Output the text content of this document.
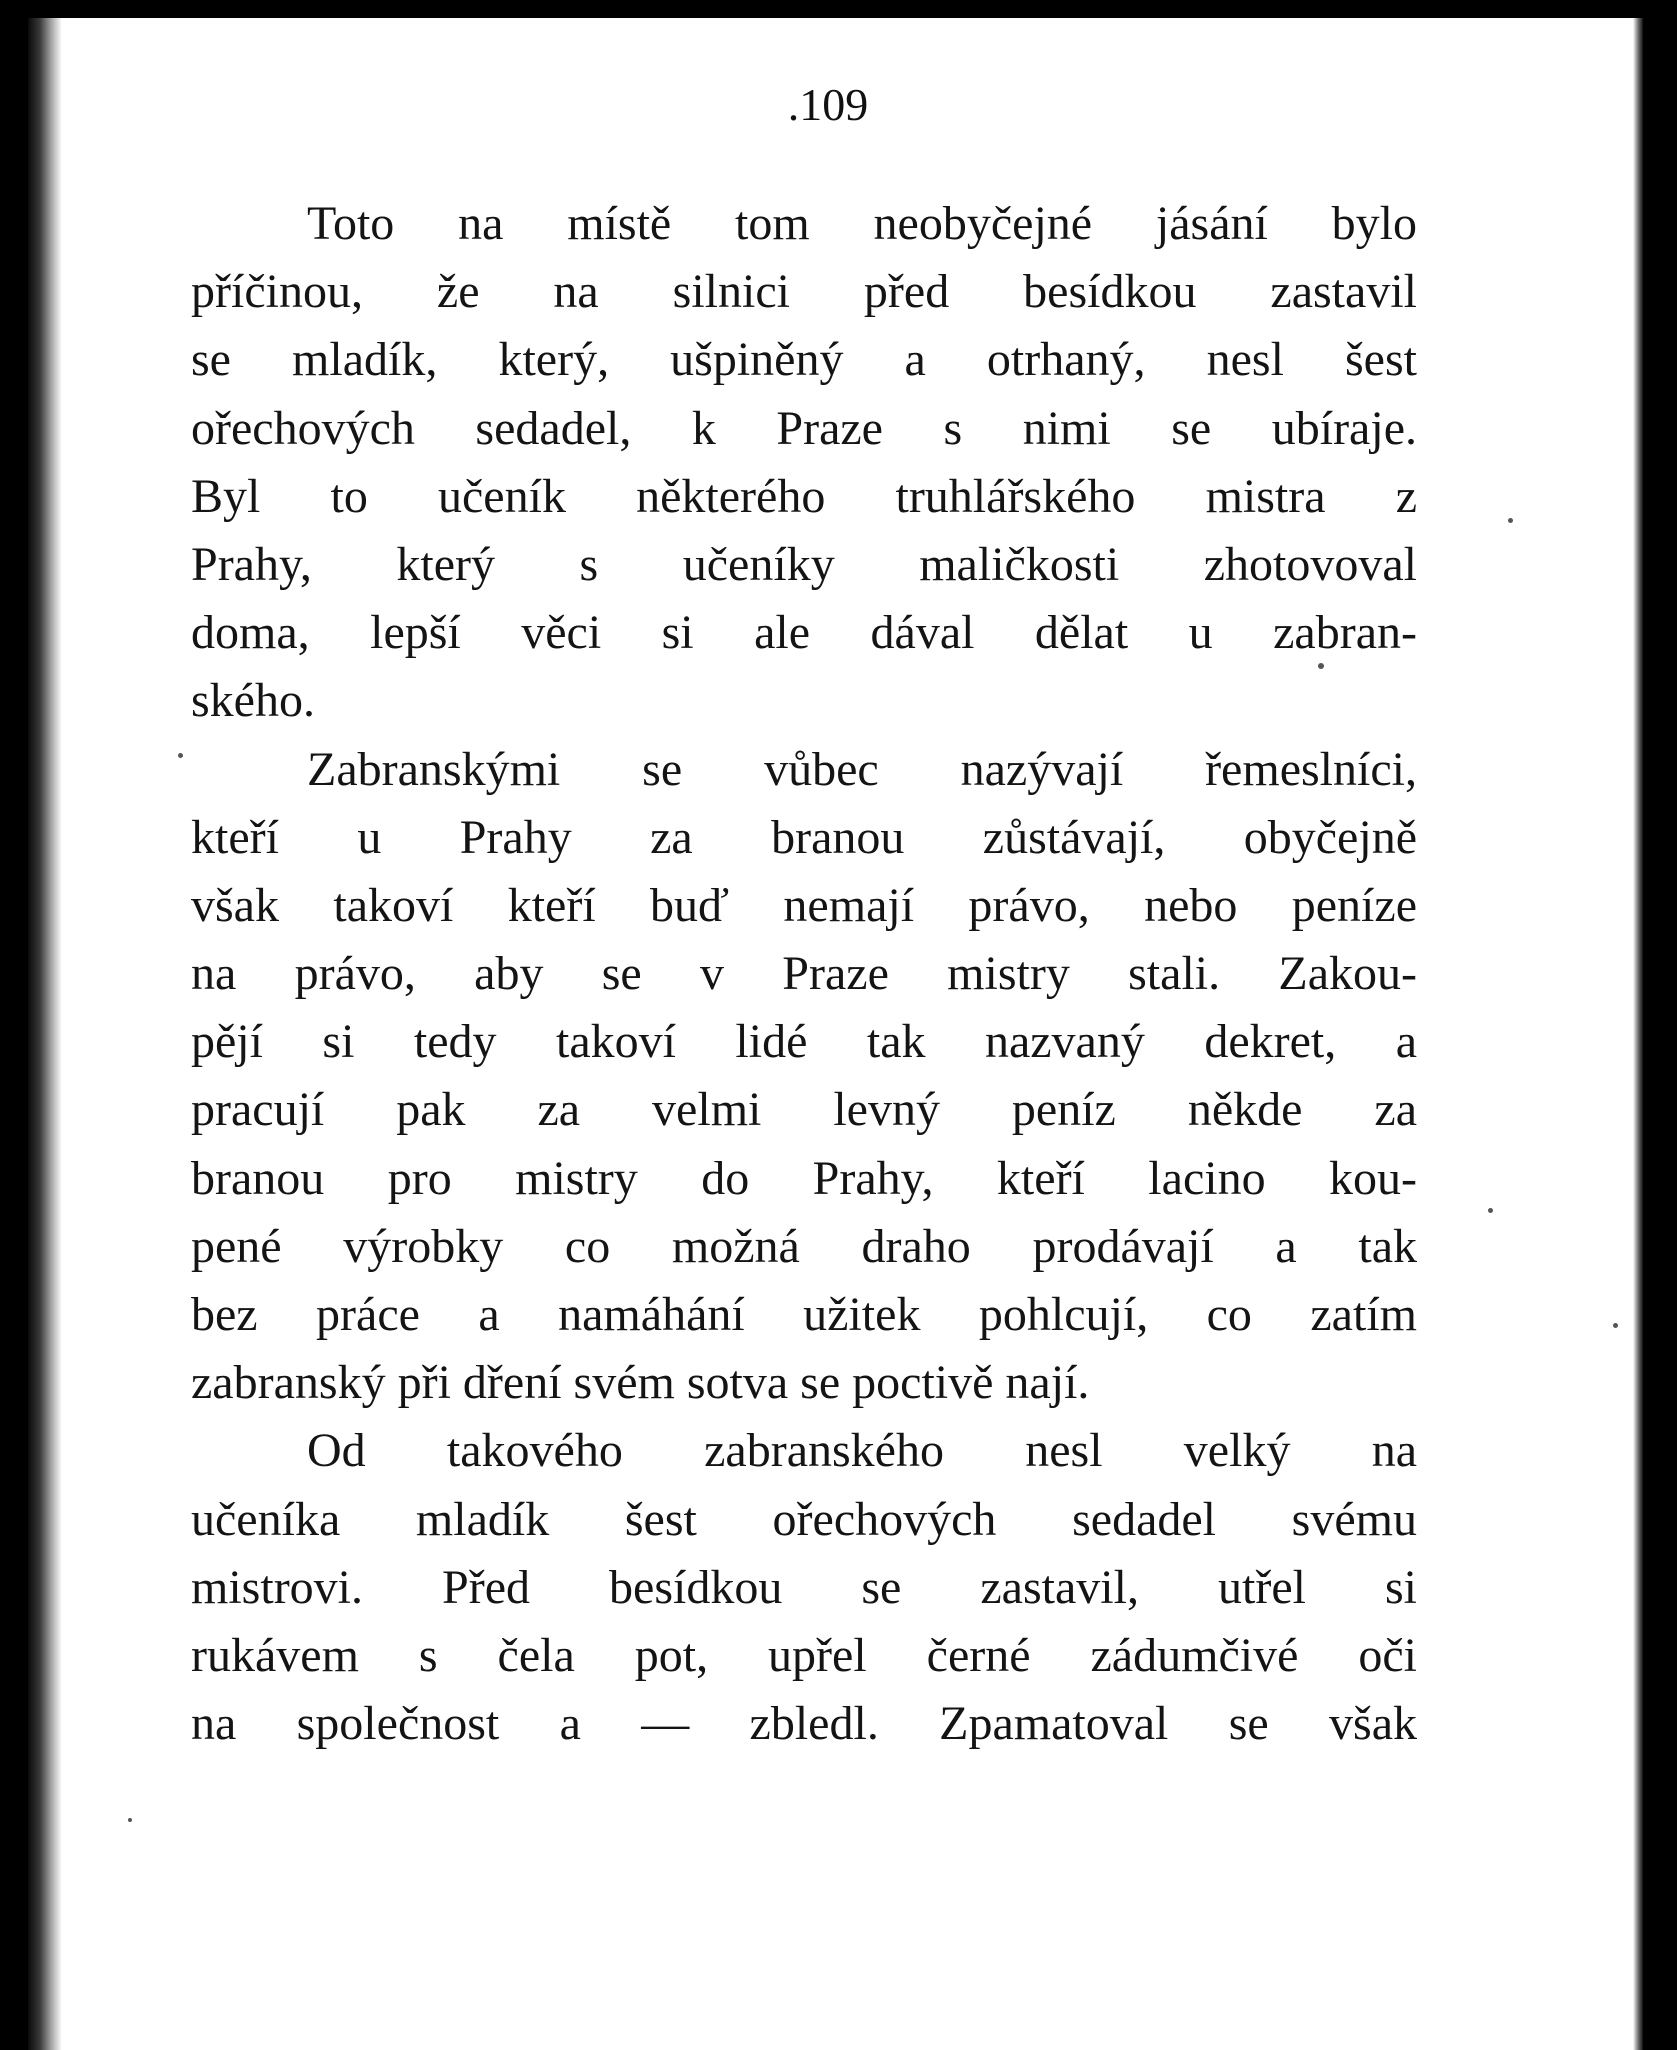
.109
Toto na místě tom neobyčejné jásání bylo
příčinou, že na silnici před besídkou zastavil
se mladík, který, ušpiněný a otrhaný, nesl šest
ořechových sedadel, k Praze s nimi se ubíraje.
Byl to učeník některého truhlářského mistra z
Prahy, který s učeníky maličkosti zhotovoval
doma, lepší věci si ale dával dělat u zabran-
ského.
Zabranskými se vůbec nazývají řemeslníci,
kteří u Prahy za branou zůstávají, obyčejně
však takoví kteří buď nemají právo, nebo peníze
na právo, aby se v Praze mistry stali. Zakou-
pějí si tedy takoví lidé tak nazvaný dekret, a
pracují pak za velmi levný peníz někde za
branou pro mistry do Prahy, kteří lacino kou-
pené výrobky co možná draho prodávají a tak
bez práce a namáhání užitek pohlcují, co zatím
zabranský při dření svém sotva se poctivě nají.
Od takového zabranského nesl velký na
učeníka mladík šest ořechových sedadel svému
mistrovi. Před besídkou se zastavil, utřel si
rukávem s čela pot, upřel černé zádumčivé oči
na společnost a — zbledl. Zpamatoval se však
